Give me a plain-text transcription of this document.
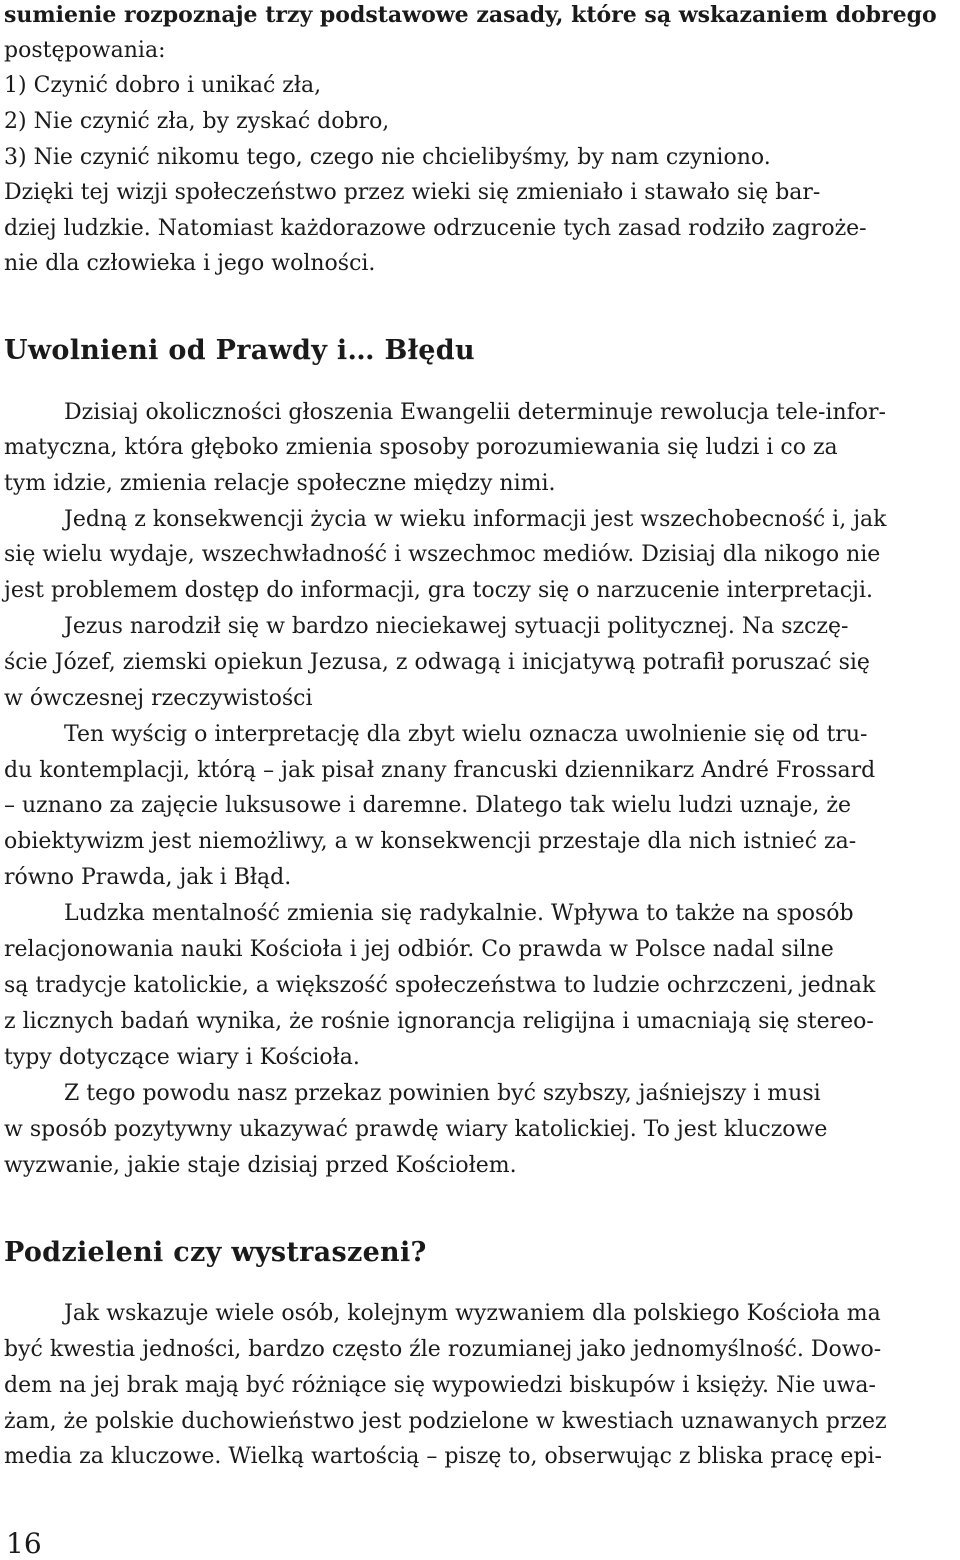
sumienie rozpoznaje trzy podstawowe zasady, które są wskazaniem dobrego
postępowania:
1) Czynić dobro i unikać zła,
2) Nie czynić zła, by zyskać dobro,
3) Nie czynić nikomu tego, czego nie chcielibyśmy, by nam czyniono.
Dzięki tej wizji społeczeństwo przez wieki się zmieniało i stawało się bar-
dziej ludzkie. Natomiast każdorazowe odrzucenie tych zasad rodziło zagroże-
nie dla człowieka i jego wolności.
Uwolnieni od Prawdy i… Błędu
Dzisiaj okoliczności głoszenia Ewangelii determinuje rewolucja tele-infor-
matyczna, która głęboko zmienia sposoby porozumiewania się ludzi i co za
tym idzie, zmienia relacje społeczne między nimi.
Jedną z konsekwencji życia w wieku informacji jest wszechobecność i, jak
się wielu wydaje, wszechwładność i wszechmoc mediów. Dzisiaj dla nikogo nie
jest problemem dostęp do informacji, gra toczy się o narzucenie interpretacji.
Jezus narodził się w bardzo nieciekawej sytuacji politycznej. Na szczę-
ście Józef, ziemski opiekun Jezusa, z odwagą i inicjatywą potrafił poruszać się
w ówczesnej rzeczywistości
Ten wyścig o interpretację dla zbyt wielu oznacza uwolnienie się od tru-
du kontemplacji, którą – jak pisał znany francuski dziennikarz André Frossard
– uznano za zajęcie luksusowe i daremne. Dlatego tak wielu ludzi uznaje, że
obiektywizm jest niemożliwy, a w konsekwencji przestaje dla nich istnieć za-
równo Prawda, jak i Błąd.
Ludzka mentalność zmienia się radykalnie. Wpływa to także na sposób
relacjonowania nauki Kościoła i jej odbiór. Co prawda w Polsce nadal silne
są tradycje katolickie, a większość społeczeństwa to ludzie ochrzczeni, jednak
z licznych badań wynika, że rośnie ignorancja religijna i umacniają się stereo-
typy dotyczące wiary i Kościoła.
Z tego powodu nasz przekaz powinien być szybszy, jaśniejszy i musi
w sposób pozytywny ukazywać prawdę wiary katolickiej. To jest kluczowe
wyzwanie, jakie staje dzisiaj przed Kościołem.
Podzieleni czy wystraszeni?
Jak wskazuje wiele osób, kolejnym wyzwaniem dla polskiego Kościoła ma
być kwestia jedności, bardzo często źle rozumianej jako jednomyślność. Dowo-
dem na jej brak mają być różniące się wypowiedzi biskupów i księży. Nie uwa-
żam, że polskie duchowieństwo jest podzielone w kwestiach uznawanych przez
media za kluczowe. Wielką wartością – piszę to, obserwując z bliska pracę epi-
16
